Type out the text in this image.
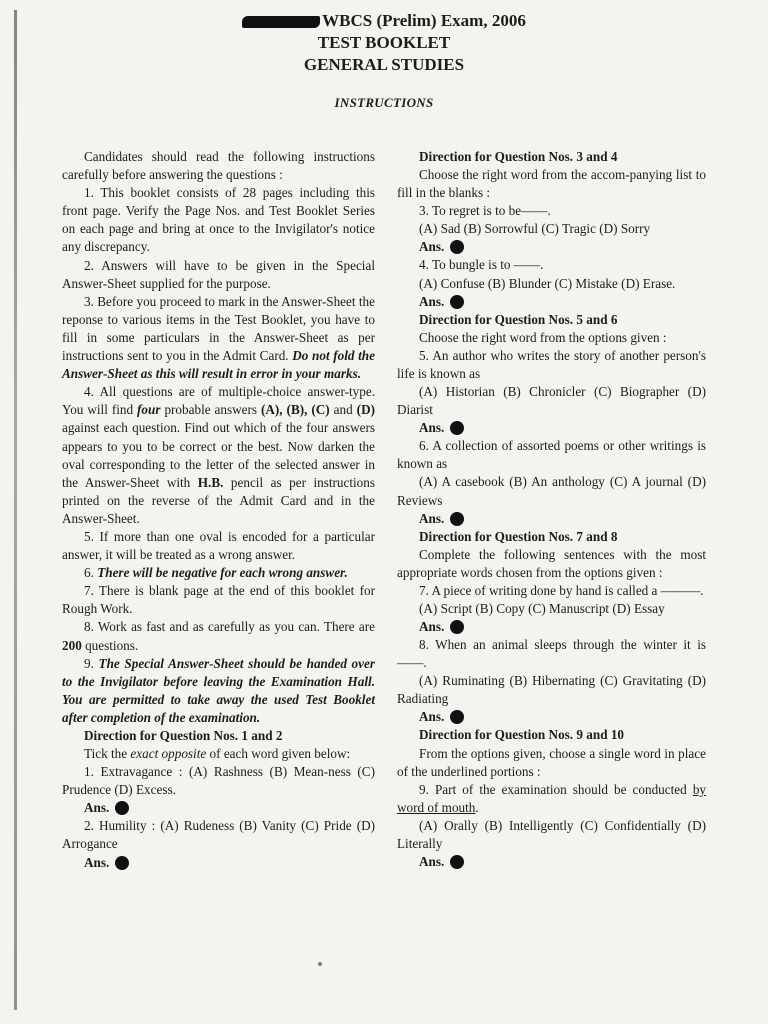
WBCS (Prelim) Exam, 2006
TEST BOOKLET
GENERAL STUDIES
INSTRUCTIONS

Candidates should read the following instructions carefully before answering the questions :

1. This booklet consists of 28 pages including this front page. Verify the Page Nos. and Test Booklet Series on each page and bring at once to the Invigilator's notice any discrepancy.

2. Answers will have to be given in the Special Answer-Sheet supplied for the purpose.

3. Before you proceed to mark in the Answer-Sheet the reponse to various items in the Test Booklet, you have to fill in some particulars in the Answer-Sheet as per instructions sent to you in the Admit Card. Do not fold the Answer-Sheet as this will result in error in your marks.

4. All questions are of multiple-choice answer-type. You will find four probable answers (A), (B), (C) and (D) against each question. Find out which of the four answers appears to you to be correct or the best. Now darken the oval corresponding to the letter of the selected answer in the Answer-Sheet with H.B. pencil as per instructions printed on the reverse of the Admit Card and in the Answer-Sheet.

5. If more than one oval is encoded for a particular answer, it will be treated as a wrong answer.

6. There will be negative for each wrong answer.

7. There is blank page at the end of this booklet for Rough Work.

8. Work as fast and as carefully as you can. There are 200 questions.

9. The Special Answer-Sheet should be handed over to the Invigilator before leaving the Examination Hall. You are permitted to take away the used Test Booklet after completion of the examination.

Direction for Question Nos. 1 and 2

Tick the exact opposite of each word given below:

1. Extravagance : (A) Rashness (B) Mean-ness (C) Prudence (D) Excess.

Ans.

2. Humility : (A) Rudeness (B) Vanity (C) Pride (D) Arrogance

Ans.

Direction for Question Nos. 3 and 4

Choose the right word from the accom-panying list to fill in the blanks :

3. To regret is to be——.

(A) Sad (B) Sorrowful (C) Tragic (D) Sorry

Ans.

4. To bungle is to ——.

(A) Confuse (B) Blunder (C) Mistake (D) Erase.

Ans.

Direction for Question Nos. 5 and 6

Choose the right word from the options given :

5. An author who writes the story of another person's life is known as

(A) Historian (B) Chronicler (C) Biographer (D) Diarist

Ans.

6. A collection of assorted poems or other writings is known as

(A) A casebook (B) An anthology (C) A journal (D) Reviews

Ans.

Direction for Question Nos. 7 and 8

Complete the following sentences with the most appropriate words chosen from the options given :

7. A piece of writing done by hand is called a ———.

(A) Script (B) Copy (C) Manuscript (D) Essay

Ans.

8. When an animal sleeps through the winter it is ——.

(A) Ruminating (B) Hibernating (C) Gravitating (D) Radiating

Ans.

Direction for Question Nos. 9 and 10

From the options given, choose a single word in place of the underlined portions :

9. Part of the examination should be conducted by word of mouth.

(A) Orally (B) Intelligently (C) Confidentially (D) Literally

Ans.
